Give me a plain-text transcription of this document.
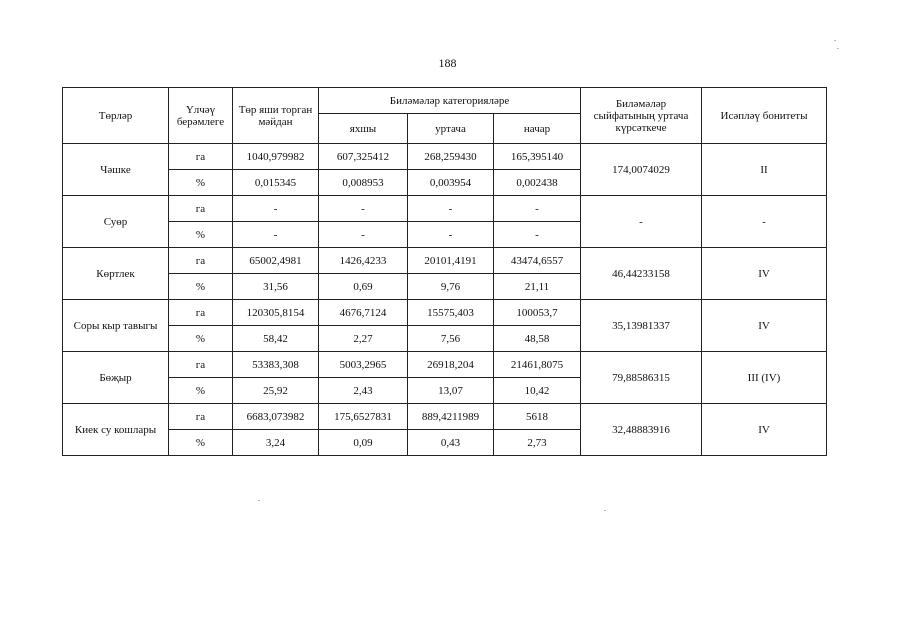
188
Төрләр	Үлчәү берәмлеге	Төр яши торган мәйдан	Биләмәләр категорияләре			Биләмәләр сыйфатының уртача күрсәткече	Исәпләү бонитеты
			яхшы	уртача	начар		
Чәшке	га	1040,979982	607,325412	268,259430	165,395140	174,0074029	II
	%	0,015345	0,008953	0,003954	0,002438		
Суөр	га	-	-	-	-	-	-
	%	-	-	-	-		
Көртлек	га	65002,4981	1426,4233	20101,4191	43474,6557	46,44233158	IV
	%	31,56	0,69	9,76	21,11		
Соры кыр тавыгы	га	120305,8154	4676,7124	15575,403	100053,7	35,13981337	IV
	%	58,42	2,27	7,56	48,58		
Бөҗыр	га	53383,308	5003,2965	26918,204	21461,8075	79,88586315	III (IV)
	%	25,92	2,43	13,07	10,42		
Киек су кошлары	га	6683,073982	175,6527831	889,4211989	5618	32,48883916	IV
	%	3,24	0,09	0,43	2,73		
